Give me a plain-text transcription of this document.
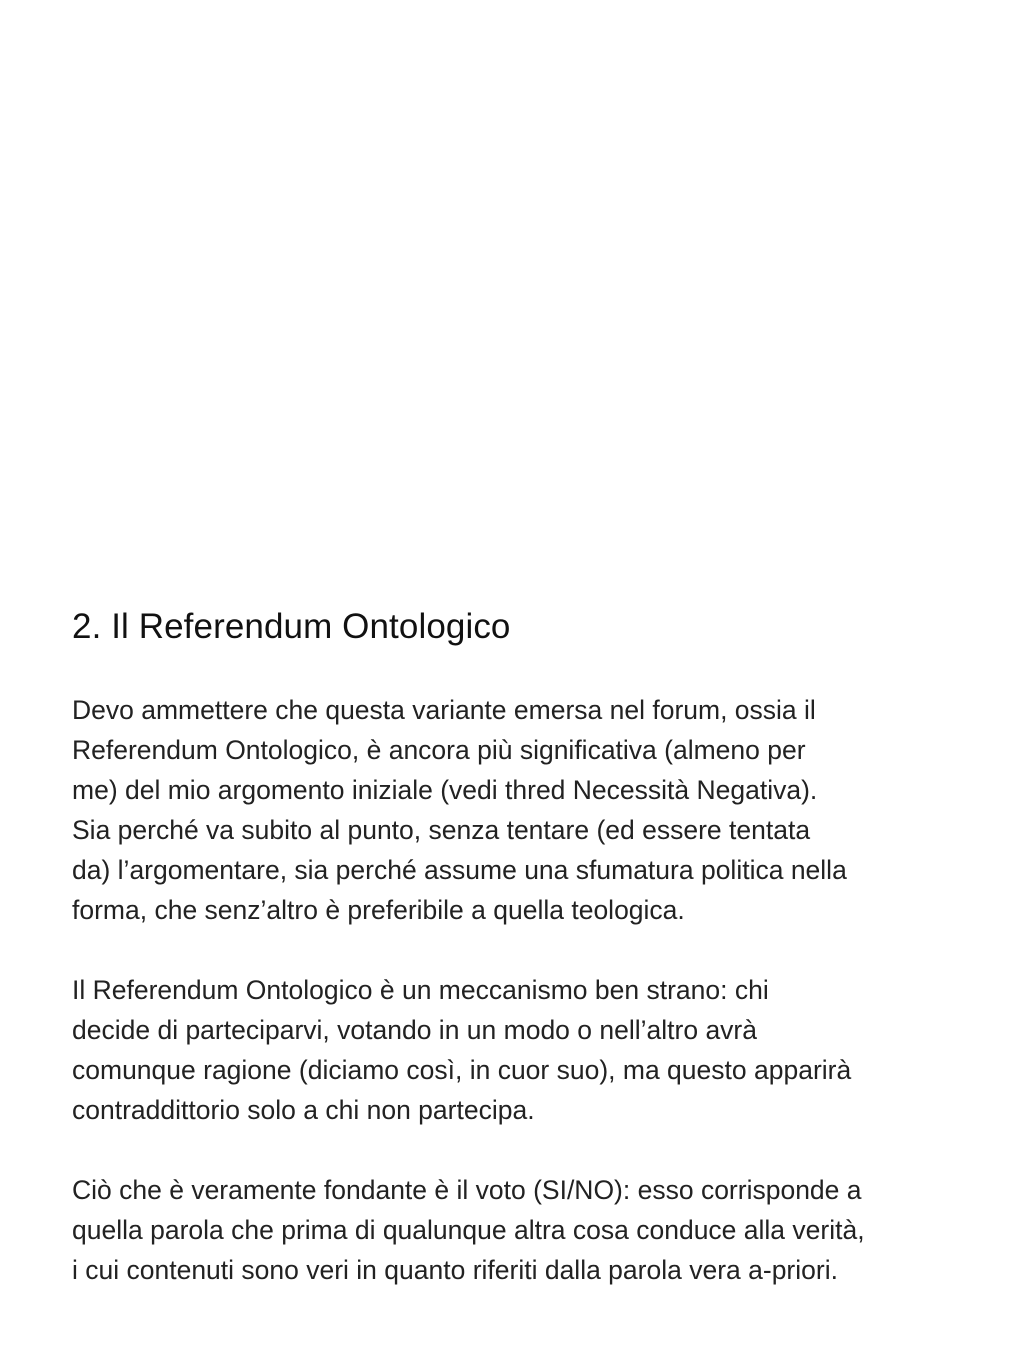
2. Il Referendum Ontologico

Devo ammettere che questa variante emersa nel forum, ossia il
Referendum Ontologico, è ancora più significativa (almeno per
me) del mio argomento iniziale (vedi thred Necessità Negativa).
Sia perché va subito al punto, senza tentare (ed essere tentata
da) l’argomentare, sia perché assume una sfumatura politica nella
forma, che senz’altro è preferibile a quella teologica.

Il Referendum Ontologico è un meccanismo ben strano: chi
decide di parteciparvi, votando in un modo o nell’altro avrà
comunque ragione (diciamo così, in cuor suo), ma questo apparirà
contraddittorio solo a chi non partecipa.

Ciò che è veramente fondante è il voto (SI/NO): esso corrisponde a
quella parola che prima di qualunque altra cosa conduce alla verità,
i cui contenuti sono veri in quanto riferiti dalla parola vera a-priori.
